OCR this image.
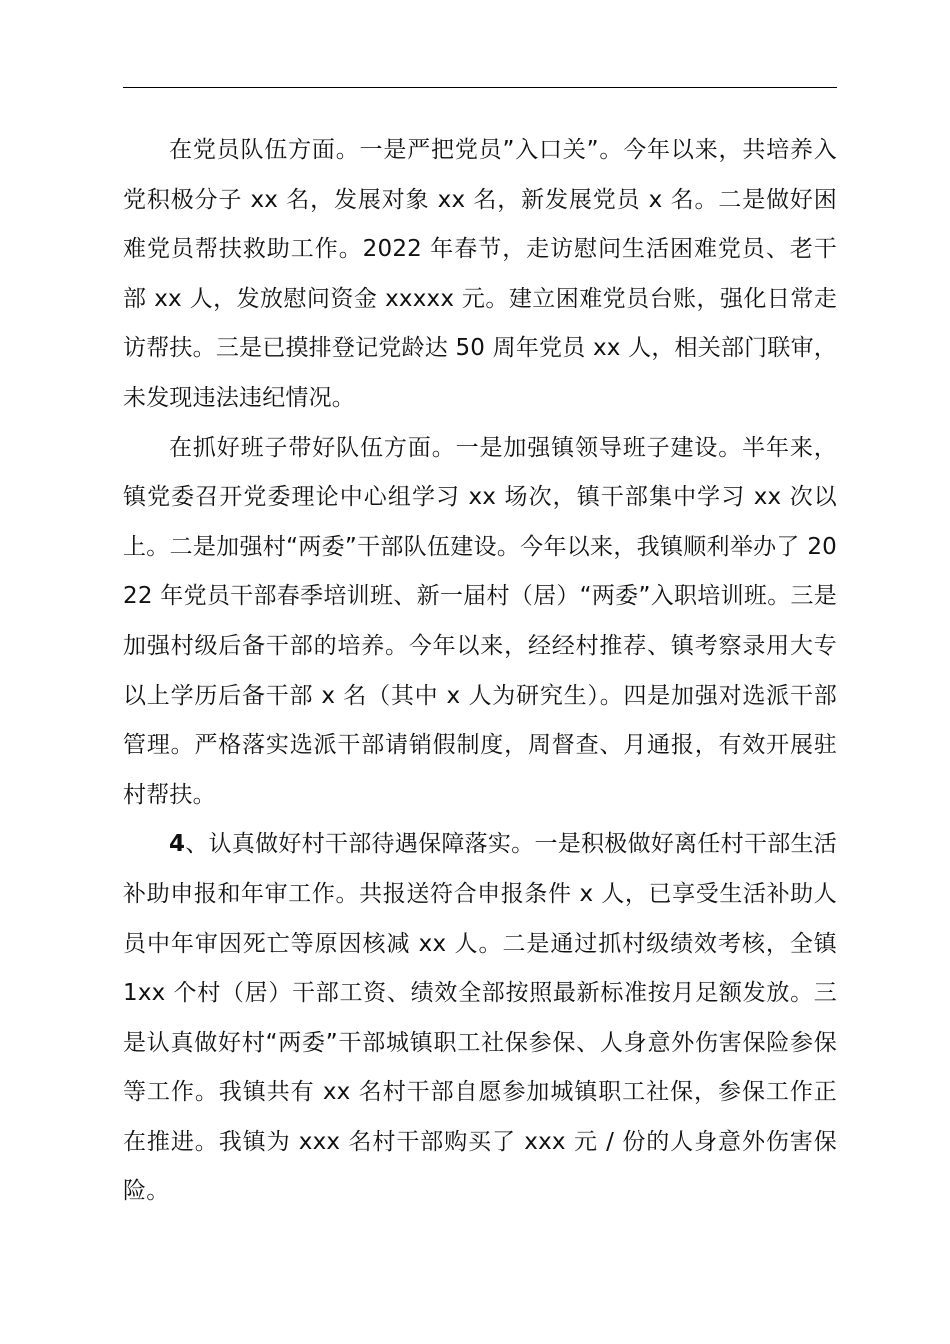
在党员队伍方面。一是严把党员”入口关”。今年以来，共培养入党积极分子 xx 名，发展对象 xx 名，新发展党员 x 名。二是做好困难党员帮扶救助工作。2022 年春节，走访慰问生活困难党员、老干部 xx 人，发放慰问资金 xxxxx 元。建立困难党员台账，强化日常走访帮扶。三是已摸排登记党龄达 50 周年党员 xx 人，相关部门联审，未发现违法违纪情况。

在抓好班子带好队伍方面。一是加强镇领导班子建设。半年来，镇党委召开党委理论中心组学习 xx 场次，镇干部集中学习 xx 次以上。二是加强村“两委”干部队伍建设。今年以来，我镇顺利举办了 2022 年党员干部春季培训班、新一届村（居）“两委”入职培训班。三是加强村级后备干部的培养。今年以来，经经村推荐、镇考察录用大专以上学历后备干部 x 名（其中 x 人为研究生）。四是加强对选派干部管理。严格落实选派干部请销假制度，周督查、月通报，有效开展驻村帮扶。

4、认真做好村干部待遇保障落实。一是积极做好离任村干部生活补助申报和年审工作。共报送符合申报条件 x 人，已享受生活补助人员中年审因死亡等原因核减 xx 人。二是通过抓村级绩效考核，全镇 1xx 个村（居）干部工资、绩效全部按照最新标准按月足额发放。三是认真做好村“两委”干部城镇职工社保参保、人身意外伤害保险参保等工作。我镇共有 xx 名村干部自愿参加城镇职工社保，参保工作正在推进。我镇为 xxx 名村干部购买了 xxx 元 / 份的人身意外伤害保险。
